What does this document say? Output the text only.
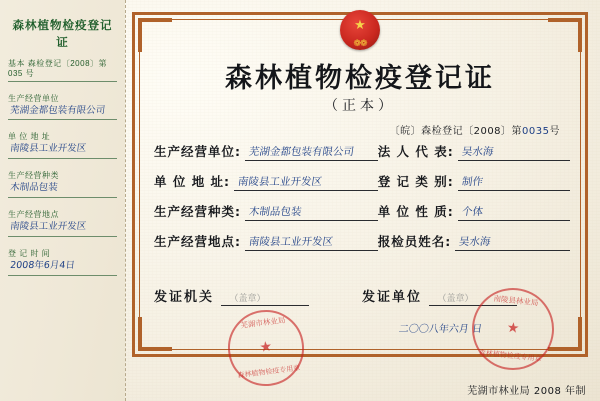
森林植物检疫登记证
基本 森检登记〔2008〕第 035 号
生产经营单位
芜湖金都包装有限公司
单 位 地 址
南陵县工业开发区
生产经营种类
木制品包装
生产经营地点
南陵县工业开发区
登 记 时 间
2008年6月4日
★
❁❁
森林植物检疫登记证
（正本）
〔皖〕森检登记〔2008〕第0035号
生产经营单位: 芜湖金都包装有限公司 法 人 代 表: 吴水海
单 位 地 址: 南陵县工业开发区	登 记 类 别: 制作
生产经营种类: 木制品包装	单 位 性 质: 个体
生产经营地点: 南陵县工业开发区	报检员姓名: 吴水海
发证机关 （盖章）	发证单位 （盖章）
二〇〇八年六月 日
芜湖市林业局
★
森林植物检疫专用章
南陵县林业局
★
森林植物检疫专用章
芜湖市林业局 2008 年制
